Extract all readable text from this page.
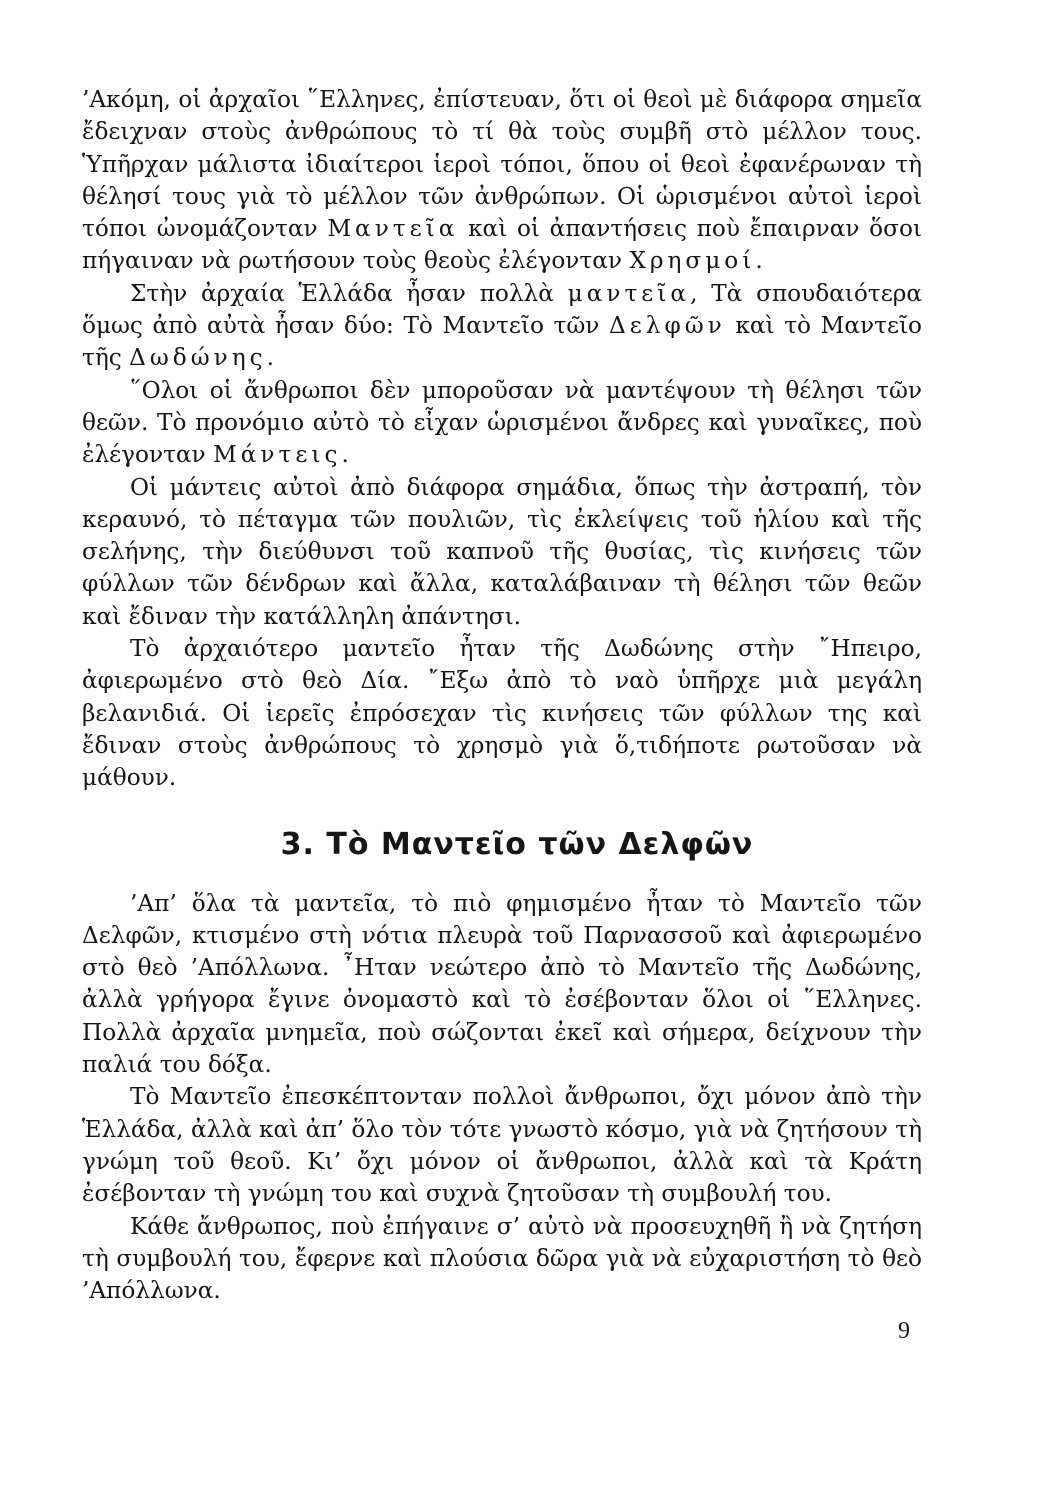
’Ακόμη, οἱ ἀρχαῖοι ῞Ελληνες, ἐπίστευαν, ὅτι οἱ θεοὶ μὲ διάφορα σημεῖα ἔδειχναν στοὺς ἀνθρώπους τὸ τί θὰ τοὺς συμβῆ στὸ μέλλον τους. Ὑπῆρχαν μάλιστα ἰδιαίτεροι ἱεροὶ τόποι, ὅπου οἱ θεοὶ ἐφανέρωναν τὴ θέλησί τους γιὰ τὸ μέλλον τῶν ἀνθρώπων. Οἱ ὡρισμένοι αὐτοὶ ἱεροὶ τόποι ὠνομάζονταν Μαντεῖα καὶ οἱ ἀπαντήσεις ποὺ ἔπαιρναν ὅσοι πήγαιναν νὰ ρωτήσουν τοὺς θεοὺς ἐλέγονταν Χρησμοί.

Στὴν ἀρχαία Ἑλλάδα ἦσαν πολλὰ μαντεῖα, Τὰ σπουδαιότερα ὅμως ἀπὸ αὐτὰ ἦσαν δύο: Τὸ Μαντεῖο τῶν Δελφῶν καὶ τὸ Μαντεῖο τῆς Δωδώνης.

῞Ολοι οἱ ἄνθρωποι δὲν μποροῦσαν νὰ μαντέψουν τὴ θέλησι τῶν θεῶν. Τὸ προνόμιο αὐτὸ τὸ εἶχαν ὡρισμένοι ἄνδρες καὶ γυναῖκες, ποὺ ἐλέγονταν Μάντεις.

Οἱ μάντεις αὐτοὶ ἀπὸ διάφορα σημάδια, ὅπως τὴν ἀστραπή, τὸν κεραυνό, τὸ πέταγμα τῶν πουλιῶν, τὶς ἐκλείψεις τοῦ ἡλίου καὶ τῆς σελήνης, τὴν διεύθυνσι τοῦ καπνοῦ τῆς θυσίας, τὶς κινήσεις τῶν φύλλων τῶν δένδρων καὶ ἄλλα, καταλάβαιναν τὴ θέλησι τῶν θεῶν καὶ ἔδιναν τὴν κατάλληλη ἀπάντησι.

Τὸ ἀρχαιότερο μαντεῖο ἦταν τῆς Δωδώνης στὴν ῎Ηπειρο, ἀφιερωμένο στὸ θεὸ Δία. ῎Εξω ἀπὸ τὸ ναὸ ὑπῆρχε μιὰ μεγάλη βελανιδιά. Οἱ ἱερεῖς ἐπρόσεχαν τὶς κινήσεις τῶν φύλλων της καὶ ἔδιναν στοὺς ἀνθρώπους τὸ χρησμὸ γιὰ ὅ,τιδήποτε ρωτοῦσαν νὰ μάθουν.

3. Τὸ Μαντεῖο τῶν Δελφῶν

’Απ’ ὅλα τὰ μαντεῖα, τὸ πιὸ φημισμένο ἦταν τὸ Μαντεῖο τῶν Δελφῶν, κτισμένο στὴ νότια πλευρὰ τοῦ Παρνασσοῦ καὶ ἀφιερωμένο στὸ θεὸ ’Απόλλωνα. ῏Ηταν νεώτερο ἀπὸ τὸ Μαντεῖο τῆς Δωδώνης, ἀλλὰ γρήγορα ἔγινε ὀνομαστὸ καὶ τὸ ἐσέβονταν ὅλοι οἱ ῞Ελληνες. Πολλὰ ἀρχαῖα μνημεῖα, ποὺ σώζονται ἐκεῖ καὶ σήμερα, δείχνουν τὴν παλιά του δόξα.

Τὸ Μαντεῖο ἐπεσκέπτονταν πολλοὶ ἄνθρωποι, ὄχι μόνον ἀπὸ τὴν Ἑλλάδα, ἀλλὰ καὶ ἀπ’ ὅλο τὸν τότε γνωστὸ κόσμο, γιὰ νὰ ζητήσουν τὴ γνώμη τοῦ θεοῦ. Κι’ ὄχι μόνον οἱ ἄνθρωποι, ἀλλὰ καὶ τὰ Κράτη ἐσέβονταν τὴ γνώμη του καὶ συχνὰ ζητοῦσαν τὴ συμβουλή του.

Κάθε ἄνθρωπος, ποὺ ἐπήγαινε σ’ αὐτὸ νὰ προσευχηθῆ ἢ νὰ ζητήση τὴ συμβουλή του, ἔφερνε καὶ πλούσια δῶρα γιὰ νὰ εὐχαριστήση τὸ θεὸ ’Απόλλωνα.

9
